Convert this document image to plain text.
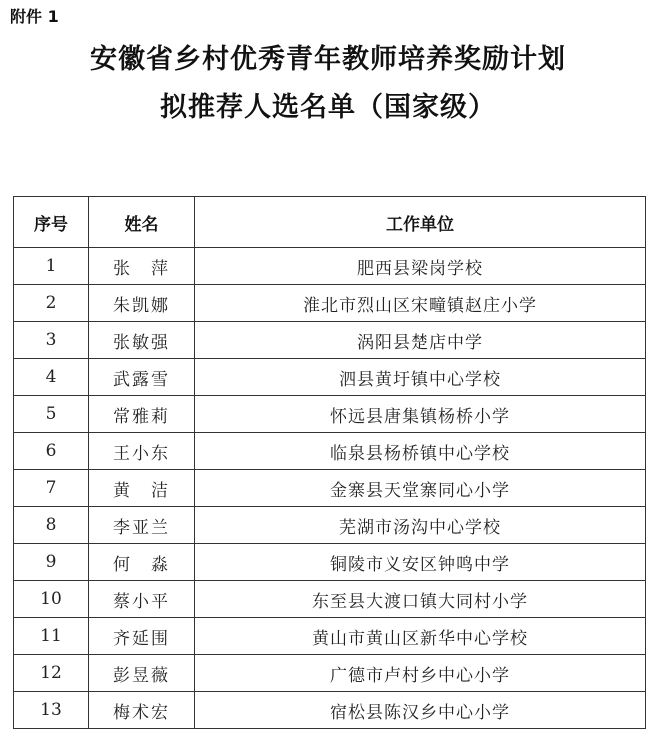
附件 1
安徽省乡村优秀青年教师培养奖励计划
拟推荐人选名单（国家级）
序号	姓名	工作单位
1	张　萍	肥西县梁岗学校
2	朱凯娜	淮北市烈山区宋疃镇赵庄小学
3	张敏强	涡阳县楚店中学
4	武露雪	泗县黄圩镇中心学校
5	常雅莉	怀远县唐集镇杨桥小学
6	王小东	临泉县杨桥镇中心学校
7	黄　洁	金寨县天堂寨同心小学
8	李亚兰	芜湖市汤沟中心学校
9	何　淼	铜陵市义安区钟鸣中学
10	蔡小平	东至县大渡口镇大同村小学
11	齐延围	黄山市黄山区新华中心学校
12	彭昱薇	广德市卢村乡中心小学
13	梅术宏	宿松县陈汉乡中心小学
